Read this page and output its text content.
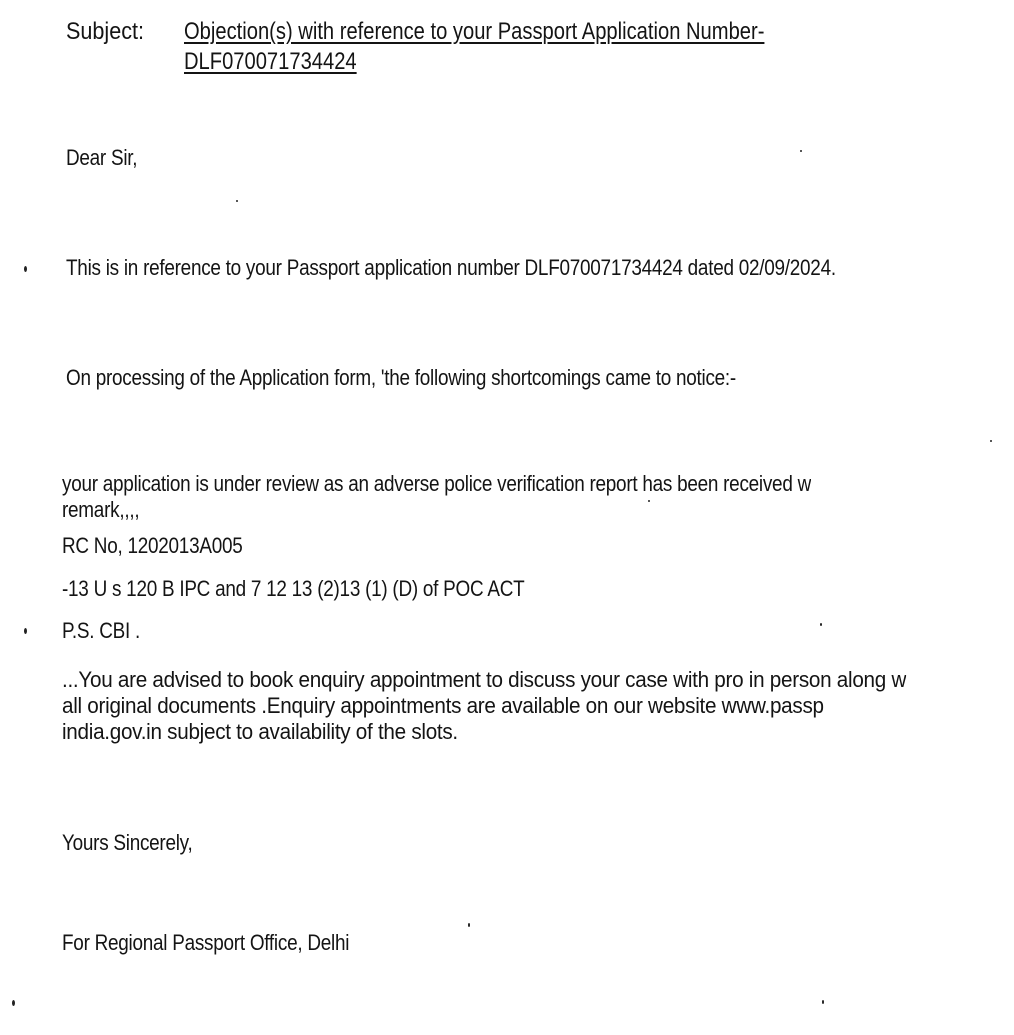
Subject: Objection(s) with reference to your Passport Application Number-
DLF070071734424
Dear Sir,
This is in reference to your Passport application number DLF070071734424 dated 02/09/2024.
On processing of the Application form, 'the following shortcomings came to notice:-
your application is under review as an adverse police verification report has been received w
remark,,,,
RC No, 1202013A005
-13 U s 120 B IPC and 7 12 13 (2)13 (1) (D) of POC ACT
P.S. CBI .
...You are advised to book enquiry appointment to discuss your case with pro in person along w
all original documents .Enquiry appointments are available on our website www.passp
india.gov.in subject to availability of the slots.
Yours Sincerely,
For Regional Passport Office, Delhi
